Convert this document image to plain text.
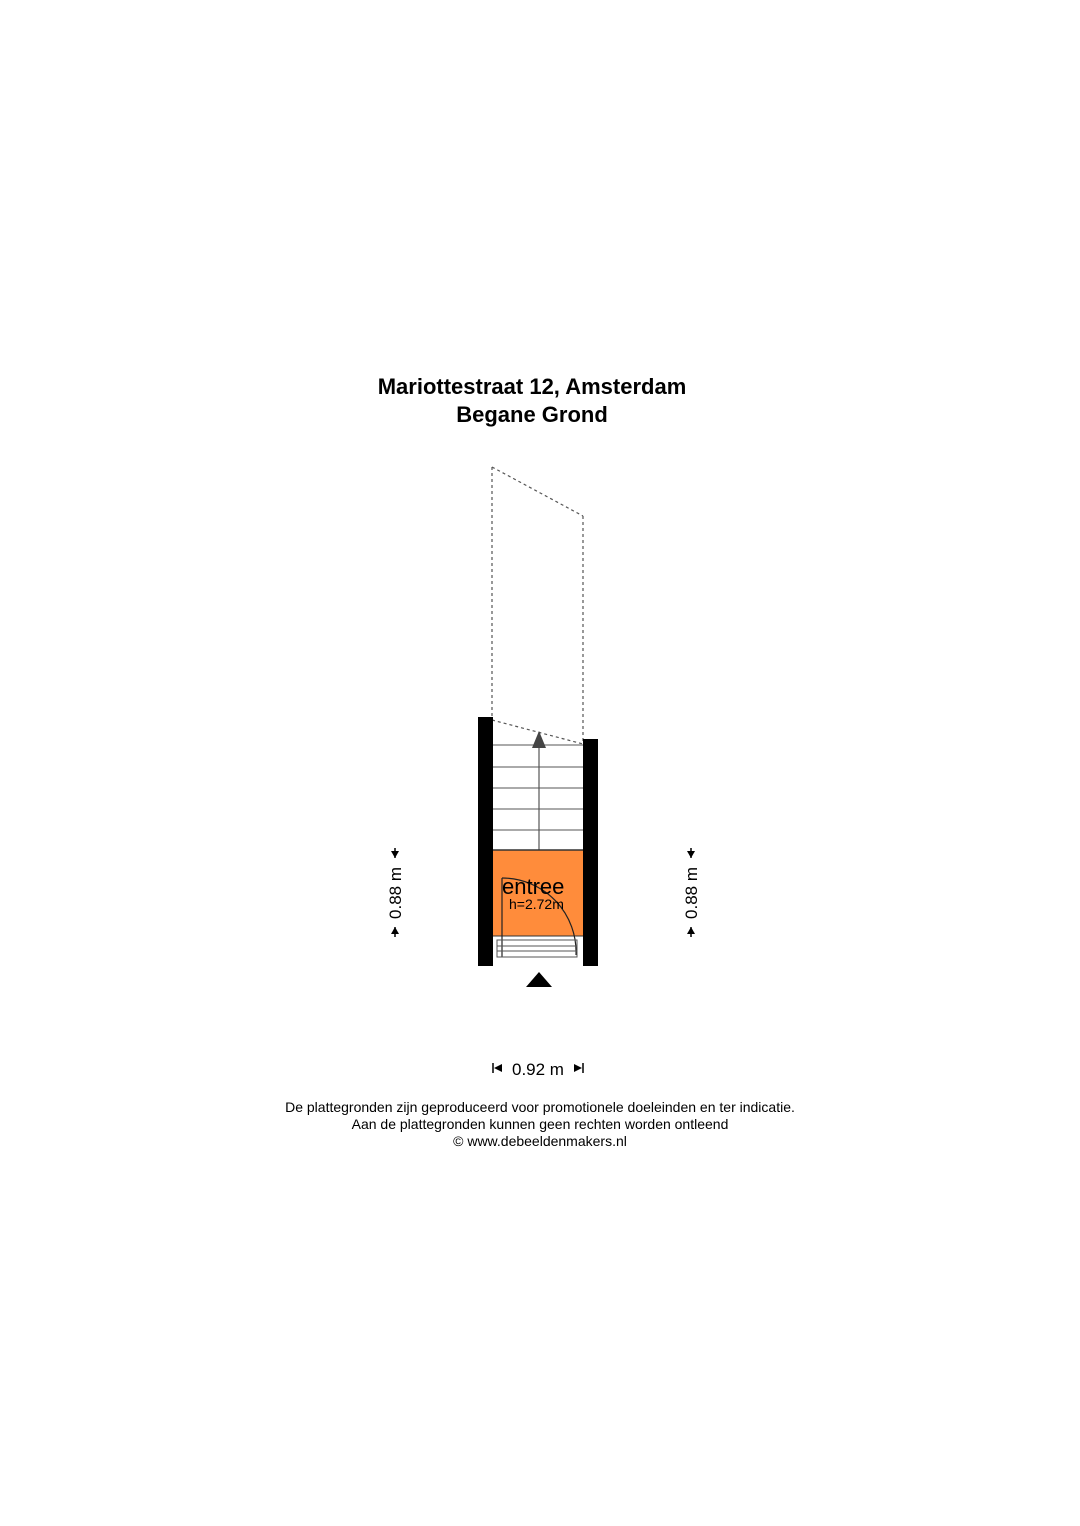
Mariottestraat 12, Amsterdam
Begane Grond
entree
h=2.72m
0.88 m	0.88 m
0.92 m
De plattegronden zijn geproduceerd voor promotionele doeleinden en ter indicatie.
Aan de plattegronden kunnen geen rechten worden ontleend
© www.debeeldenmakers.nl
